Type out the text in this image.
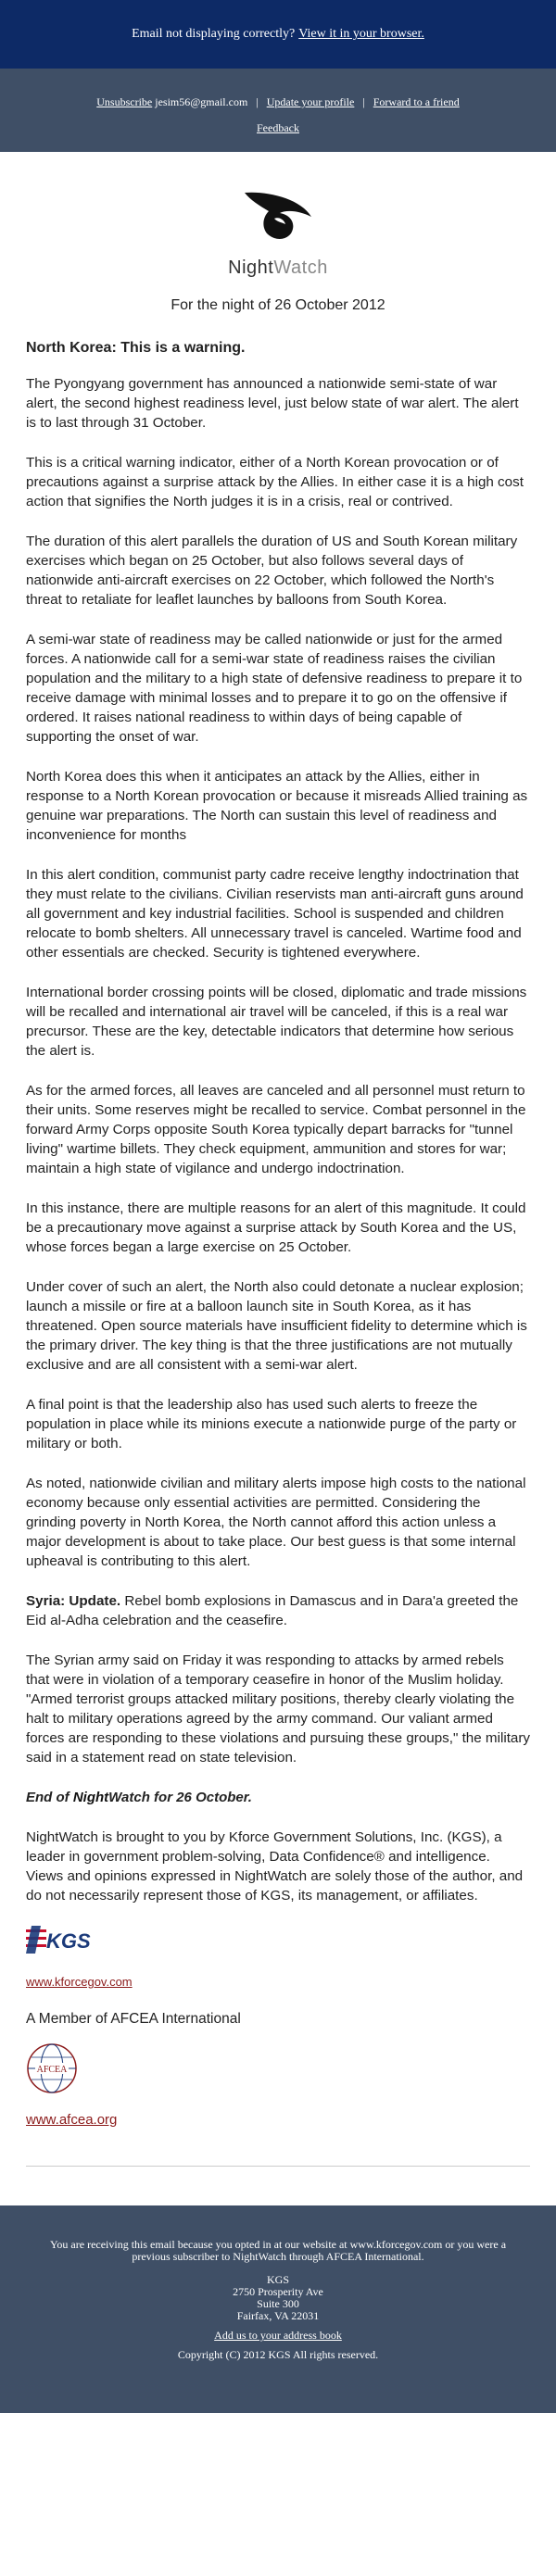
Email not displaying correctly? View it in your browser.
Unsubscribe jesim56@gmail.com | Update your profile | Forward to a friend
Feedback
NightWatch
For the night of 26 October 2012

North Korea: This is a warning.

The Pyongyang government has announced a nationwide semi-state of war alert, the second highest readiness level, just below state of war alert. The alert is to last through 31 October.

This is a critical warning indicator, either of a North Korean provocation or of precautions against a surprise attack by the Allies. In either case it is a high cost action that signifies the North judges it is in a crisis, real or contrived.

The duration of this alert parallels the duration of US and South Korean military exercises which began on 25 October, but also follows several days of nationwide anti-aircraft exercises on 22 October, which followed the North's threat to retaliate for leaflet launches by balloons from South Korea.

A semi-war state of readiness may be called nationwide or just for the armed forces. A nationwide call for a semi-war state of readiness raises the civilian population and the military to a high state of defensive readiness to prepare it to receive damage with minimal losses and to prepare it to go on the offensive if ordered. It raises national readiness to within days of being capable of supporting the onset of war.

North Korea does this when it anticipates an attack by the Allies, either in response to a North Korean provocation or because it misreads Allied training as genuine war preparations. The North can sustain this level of readiness and inconvenience for months

In this alert condition, communist party cadre receive lengthy indoctrination that they must relate to the civilians. Civilian reservists man anti-aircraft guns around all government and key industrial facilities. School is suspended and children relocate to bomb shelters. All unnecessary travel is canceled. Wartime food and other essentials are checked. Security is tightened everywhere.

International border crossing points will be closed, diplomatic and trade missions will be recalled and international air travel will be canceled, if this is a real war precursor. These are the key, detectable indicators that determine how serious the alert is.

As for the armed forces, all leaves are canceled and all personnel must return to their units. Some reserves might be recalled to service. Combat personnel in the forward Army Corps opposite South Korea typically depart barracks for "tunnel living" wartime billets. They check equipment, ammunition and stores for war; maintain a high state of vigilance and undergo indoctrination.

In this instance, there are multiple reasons for an alert of this magnitude. It could be a precautionary move against a surprise attack by South Korea and the US, whose forces began a large exercise on 25 October.

Under cover of such an alert, the North also could detonate a nuclear explosion; launch a missile or fire at a balloon launch site in South Korea, as it has threatened. Open source materials have insufficient fidelity to determine which is the primary driver. The key thing is that the three justifications are not mutually exclusive and are all consistent with a semi-war alert.

A final point is that the leadership also has used such alerts to freeze the population in place while its minions execute a nationwide purge of the party or military or both.

As noted, nationwide civilian and military alerts impose high costs to the national economy because only essential activities are permitted. Considering the grinding poverty in North Korea, the North cannot afford this action unless a major development is about to take place. Our best guess is that some internal upheaval is contributing to this alert.

Syria: Update. Rebel bomb explosions in Damascus and in Dara'a greeted the Eid al-Adha celebration and the ceasefire.

The Syrian army said on Friday it was responding to attacks by armed rebels that were in violation of a temporary ceasefire in honor of the Muslim holiday. "Armed terrorist groups attacked military positions, thereby clearly violating the halt to military operations agreed by the army command. Our valiant armed forces are responding to these violations and pursuing these groups," the military said in a statement read on state television.

End of NightWatch for 26 October.

NightWatch is brought to you by Kforce Government Solutions, Inc. (KGS), a leader in government problem-solving, Data Confidence® and intelligence. Views and opinions expressed in NightWatch are solely those of the author, and do not necessarily represent those of KGS, its management, or affiliates.

KGS
www.kforcegov.com
A Member of AFCEA International
AFCEA
www.afcea.org
You are receiving this email because you opted in at our website at www.kforcegov.com or you were a previous subscriber to NightWatch through AFCEA International.
KGS
2750 Prosperity Ave
Suite 300
Fairfax, VA 22031
Add us to your address book
Copyright (C) 2012 KGS All rights reserved.
